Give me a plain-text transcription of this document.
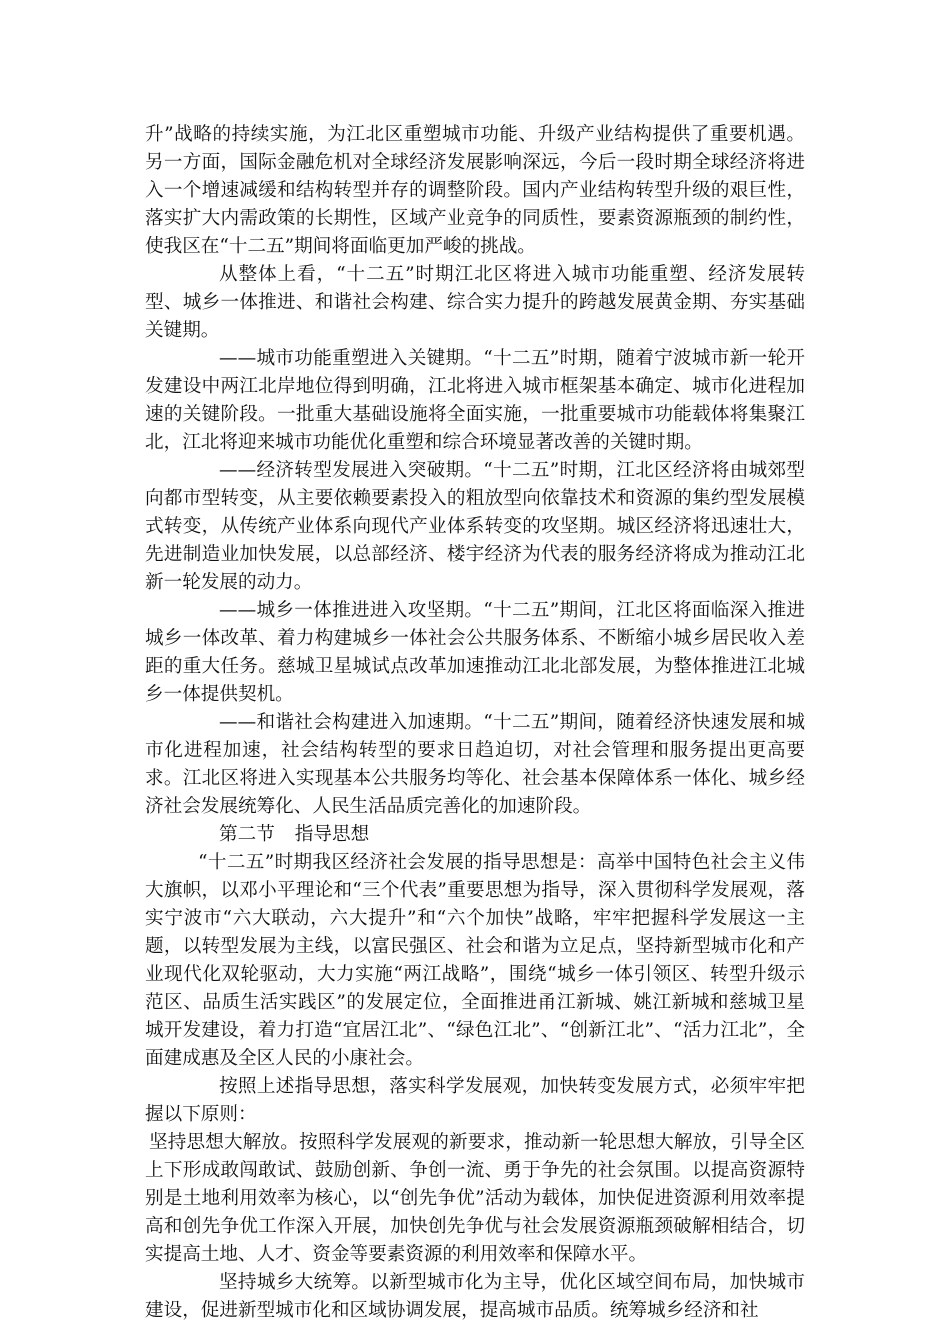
升”战略的持续实施，为江北区重塑城市功能、升级产业结构提供了重要机遇。另一方面，国际金融危机对全球经济发展影响深远，今后一段时期全球经济将进入一个增速减缓和结构转型并存的调整阶段。国内产业结构转型升级的艰巨性，落实扩大内需政策的长期性，区域产业竞争的同质性，要素资源瓶颈的制约性，使我区在“十二五”期间将面临更加严峻的挑战。

从整体上看，“十二五”时期江北区将进入城市功能重塑、经济发展转型、城乡一体推进、和谐社会构建、综合实力提升的跨越发展黄金期、夯实基础关键期。

——城市功能重塑进入关键期。“十二五”时期，随着宁波城市新一轮开发建设中两江北岸地位得到明确，江北将进入城市框架基本确定、城市化进程加速的关键阶段。一批重大基础设施将全面实施，一批重要城市功能载体将集聚江北，江北将迎来城市功能优化重塑和综合环境显著改善的关键时期。

——经济转型发展进入突破期。“十二五”时期，江北区经济将由城郊型向都市型转变，从主要依赖要素投入的粗放型向依靠技术和资源的集约型发展模式转变，从传统产业体系向现代产业体系转变的攻坚期。城区经济将迅速壮大，先进制造业加快发展，以总部经济、楼宇经济为代表的服务经济将成为推动江北新一轮发展的动力。

——城乡一体推进进入攻坚期。“十二五”期间，江北区将面临深入推进城乡一体改革、着力构建城乡一体社会公共服务体系、不断缩小城乡居民收入差距的重大任务。慈城卫星城试点改革加速推动江北北部发展，为整体推进江北城乡一体提供契机。

——和谐社会构建进入加速期。“十二五”期间，随着经济快速发展和城市化进程加速，社会结构转型的要求日趋迫切，对社会管理和服务提出更高要求。江北区将进入实现基本公共服务均等化、社会基本保障体系一体化、城乡经济社会发展统筹化、人民生活品质完善化的加速阶段。

第二节 指导思想

“十二五”时期我区经济社会发展的指导思想是：高举中国特色社会主义伟大旗帜，以邓小平理论和“三个代表”重要思想为指导，深入贯彻科学发展观，落实宁波市“六大联动，六大提升”和“六个加快”战略，牢牢把握科学发展这一主题，以转型发展为主线，以富民强区、社会和谐为立足点，坚持新型城市化和产业现代化双轮驱动，大力实施“两江战略”，围绕“城乡一体引领区、转型升级示范区、品质生活实践区”的发展定位，全面推进甬江新城、姚江新城和慈城卫星城开发建设，着力打造“宜居江北”、“绿色江北”、“创新江北”、“活力江北”，全面建成惠及全区人民的小康社会。

按照上述指导思想，落实科学发展观，加快转变发展方式，必须牢牢把握以下原则：

坚持思想大解放。按照科学发展观的新要求，推动新一轮思想大解放，引导全区上下形成敢闯敢试、鼓励创新、争创一流、勇于争先的社会氛围。以提高资源特别是土地利用效率为核心，以“创先争优”活动为载体，加快促进资源利用效率提高和创先争优工作深入开展，加快创先争优与社会发展资源瓶颈破解相结合，切实提高土地、人才、资金等要素资源的利用效率和保障水平。

坚持城乡大统筹。以新型城市化为主导，优化区域空间布局，加快城市建设，促进新型城市化和区域协调发展，提高城市品质。统筹城乡经济和社
